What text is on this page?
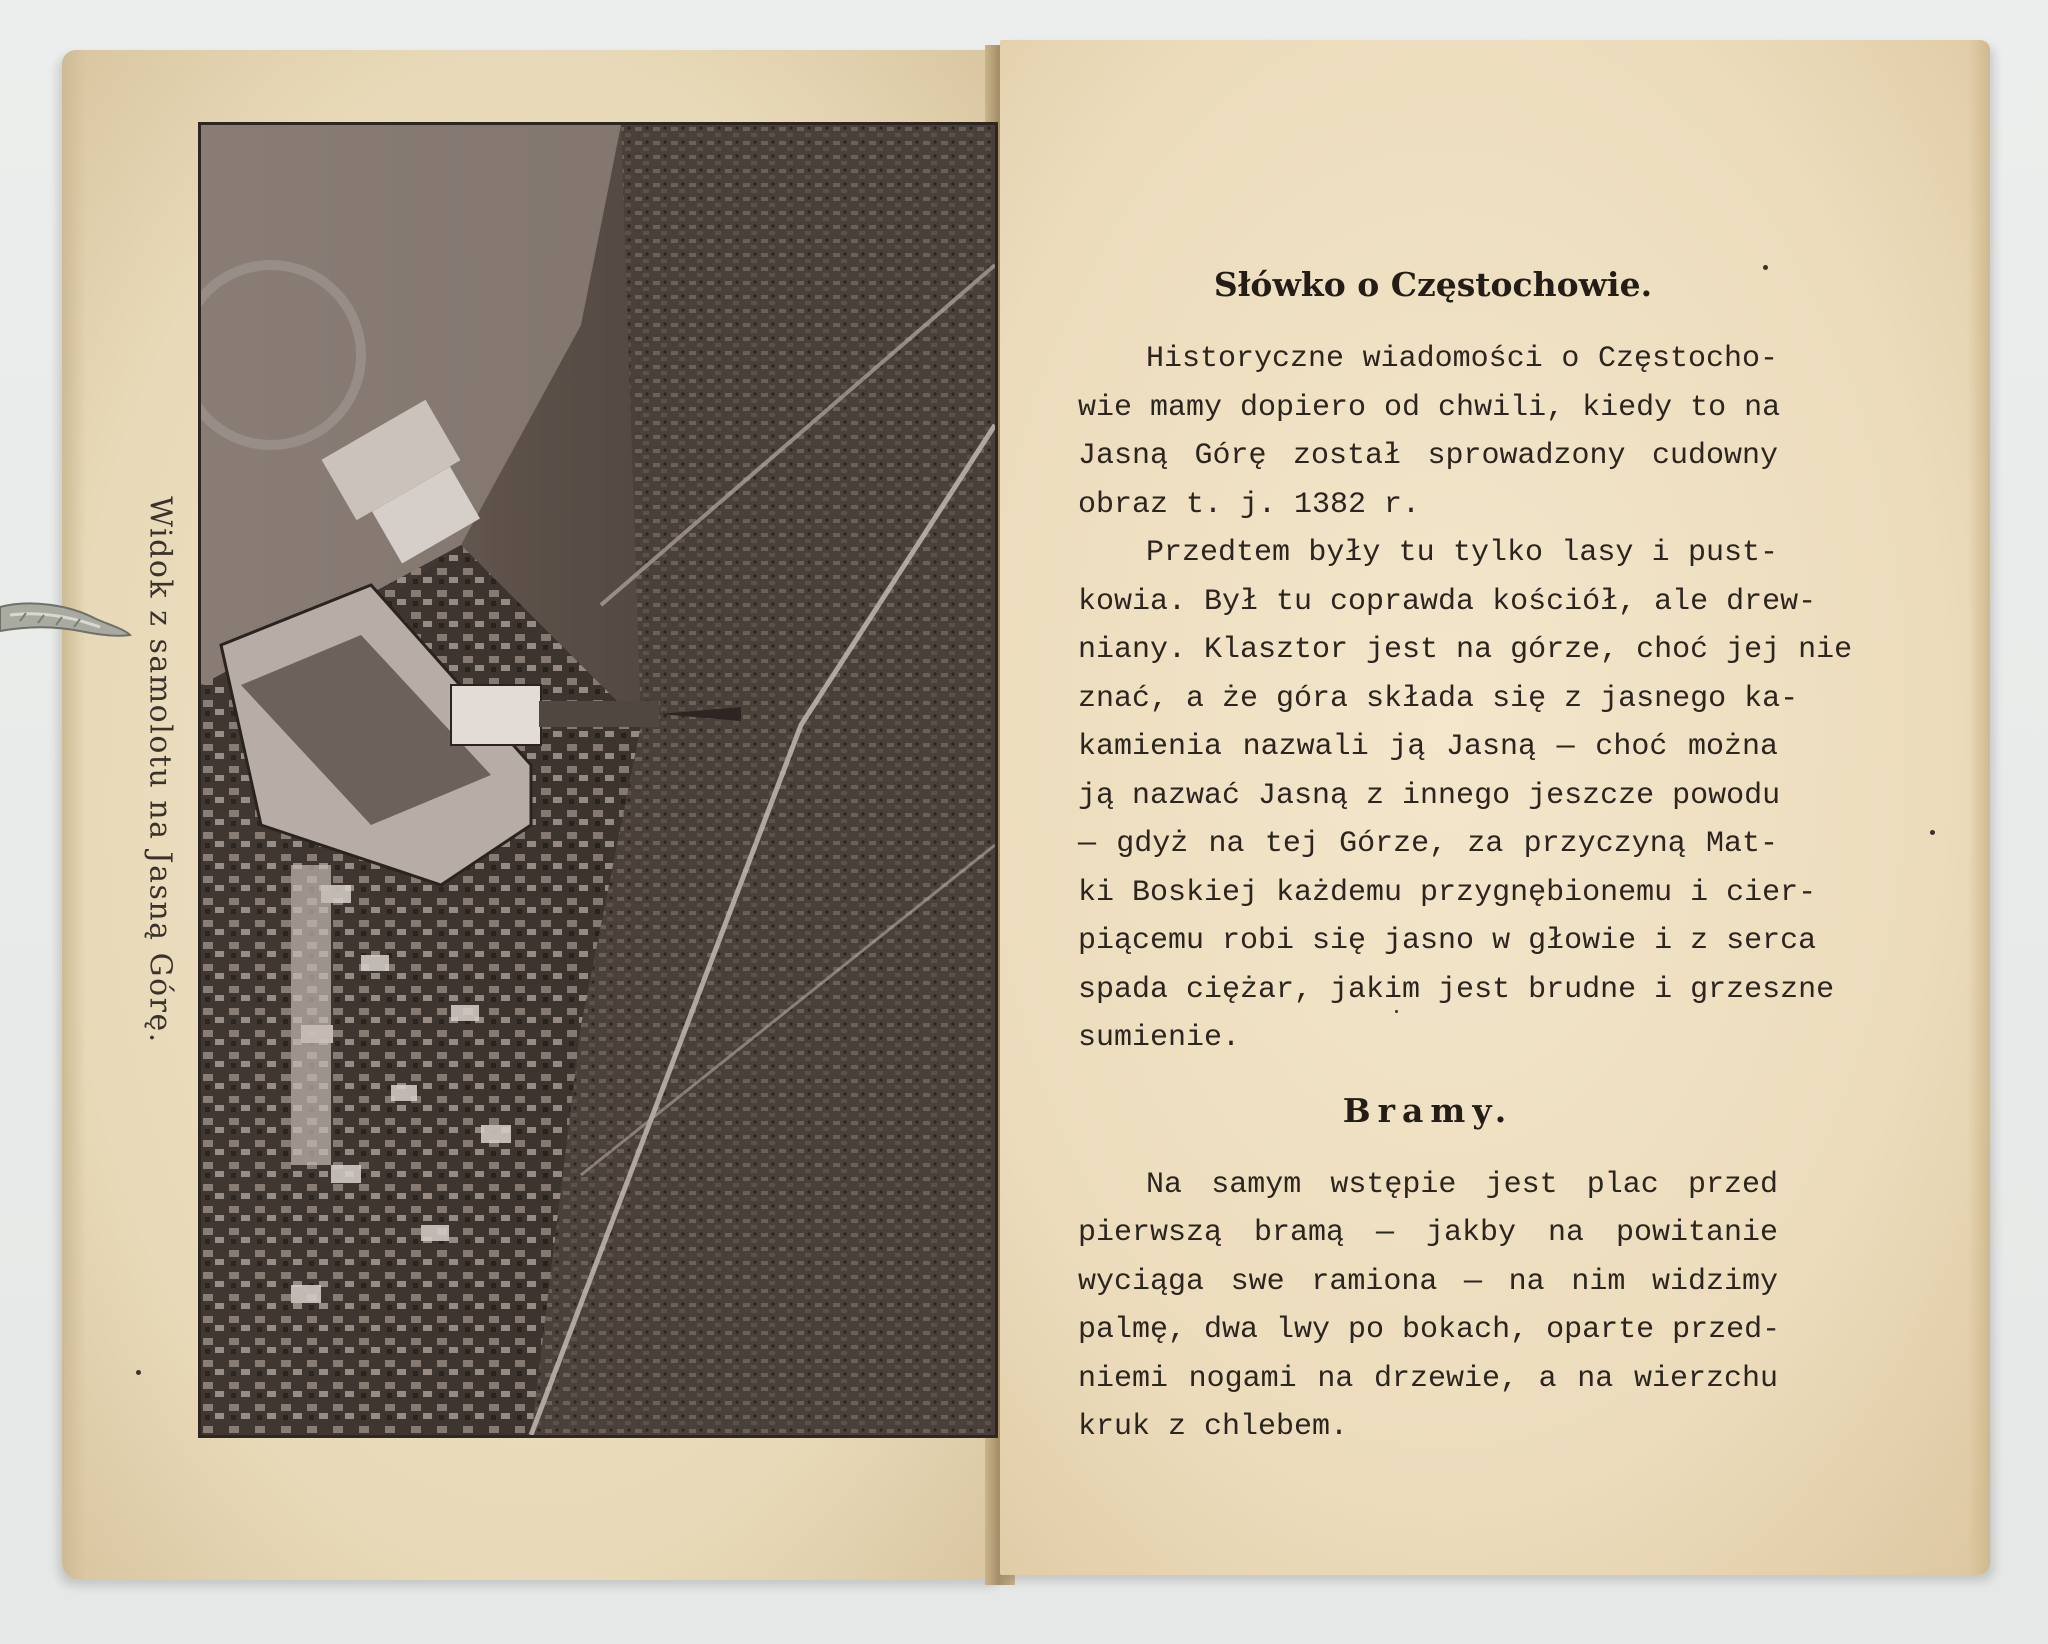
Widok z samolotu na Jasną Górę.
Słówko o Częstochowie.
Historyczne wiadomości o Częstocho-
wie mamy dopiero od chwili, kiedy to na
Jasną Górę został sprowadzony cudowny
obraz t. j. 1382 r.
Przedtem były tu tylko lasy i pust-
kowia. Był tu coprawda kościół, ale drew-
niany. Klasztor jest na górze, choć jej nie
znać, a że góra składa się z jasnego ka-
kamienia nazwali ją Jasną — choć można
ją nazwać Jasną z innego jeszcze powodu
— gdyż na tej Górze, za przyczyną Mat-
ki Boskiej każdemu przygnębionemu i cier-
piącemu robi się jasno w głowie i z serca
spada ciężar, jakim jest brudne i grzeszne
sumienie.
Bramy.
Na samym wstępie jest plac przed
pierwszą bramą — jakby na powitanie
wyciąga swe ramiona — na nim widzimy
palmę, dwa lwy po bokach, oparte przed-
niemi nogami na drzewie, a na wierzchu
kruk z chlebem.
